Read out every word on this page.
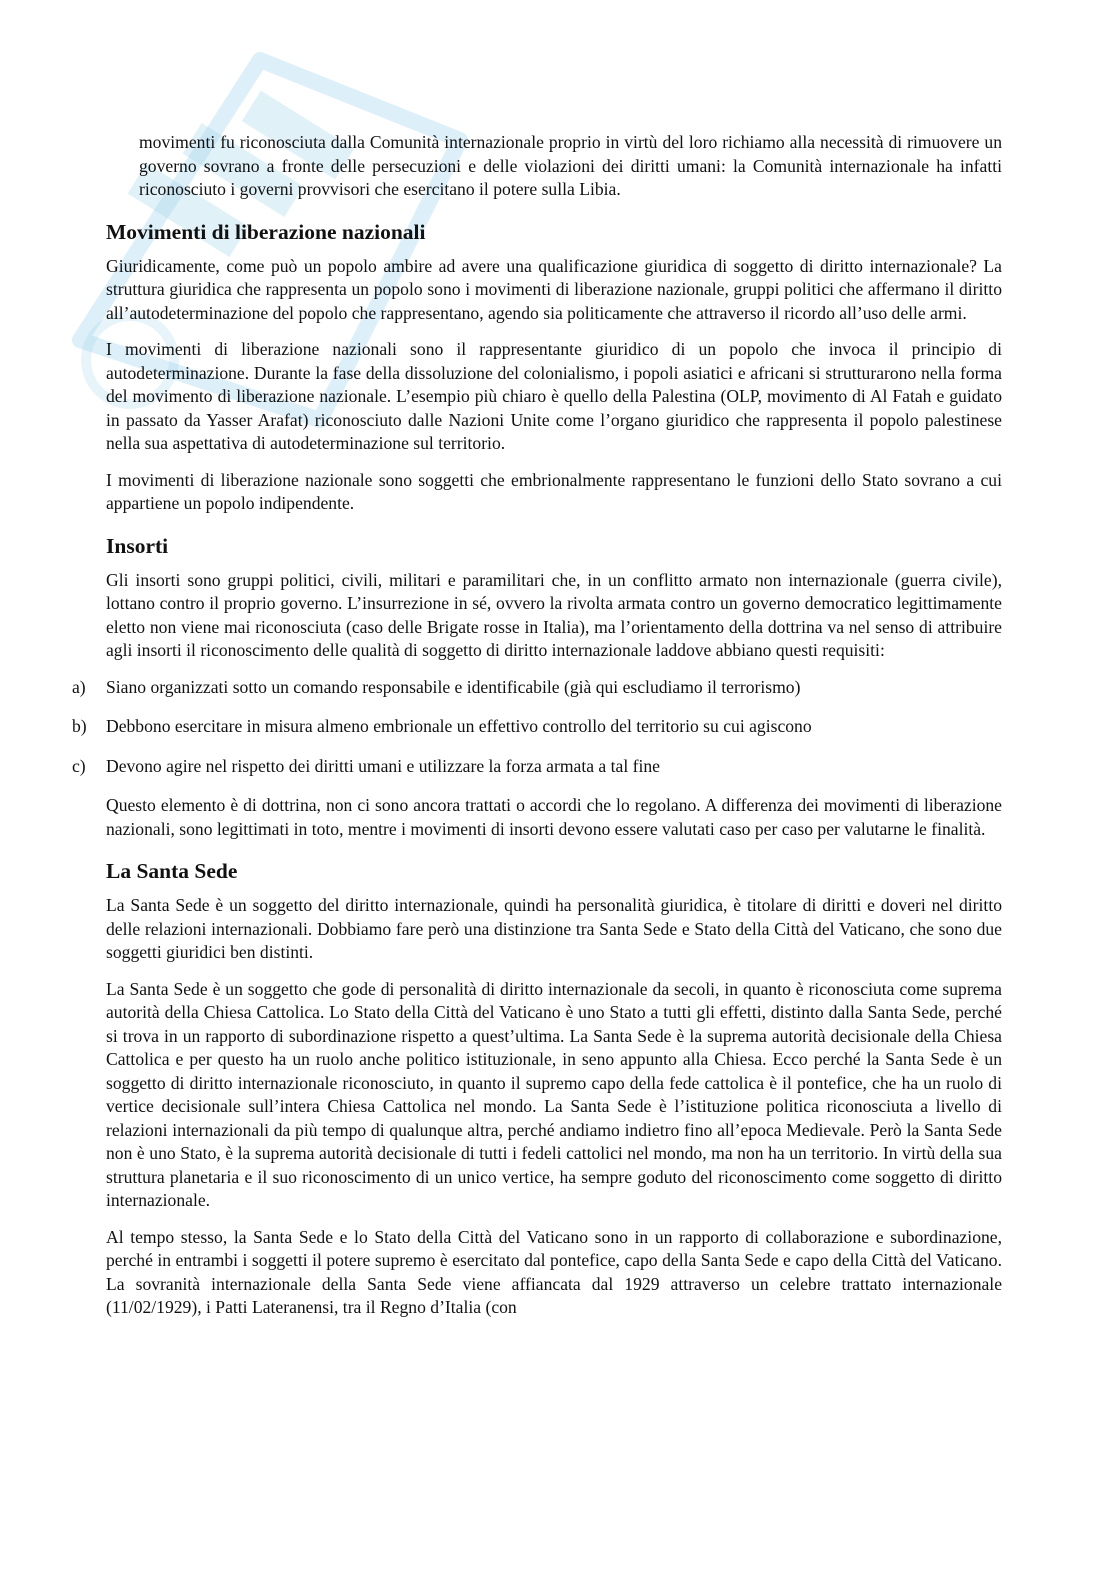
movimenti fu riconosciuta dalla Comunità internazionale proprio in virtù del loro richiamo alla necessità di rimuovere un governo sovrano a fronte delle persecuzioni e delle violazioni dei diritti umani: la Comunità internazionale ha infatti riconosciuto i governi provvisori che esercitano il potere sulla Libia.

Movimenti di liberazione nazionali

Giuridicamente, come può un popolo ambire ad avere una qualificazione giuridica di soggetto di diritto internazionale? La struttura giuridica che rappresenta un popolo sono i movimenti di liberazione nazionale, gruppi politici che affermano il diritto all’autodeterminazione del popolo che rappresentano, agendo sia politicamente che attraverso il ricordo all’uso delle armi.

I movimenti di liberazione nazionali sono il rappresentante giuridico di un popolo che invoca il principio di autodeterminazione. Durante la fase della dissoluzione del colonialismo, i popoli asiatici e africani si strutturarono nella forma del movimento di liberazione nazionale. L’esempio più chiaro è quello della Palestina (OLP, movimento di Al Fatah e guidato in passato da Yasser Arafat) riconosciuto dalle Nazioni Unite come l’organo giuridico che rappresenta il popolo palestinese nella sua aspettativa di autodeterminazione sul territorio.

I movimenti di liberazione nazionale sono soggetti che embrionalmente rappresentano le funzioni dello Stato sovrano a cui appartiene un popolo indipendente.

Insorti

Gli insorti sono gruppi politici, civili, militari e paramilitari che, in un conflitto armato non internazionale (guerra civile), lottano contro il proprio governo. L’insurrezione in sé, ovvero la rivolta armata contro un governo democratico legittimamente eletto non viene mai riconosciuta (caso delle Brigate rosse in Italia), ma l’orientamento della dottrina va nel senso di attribuire agli insorti il riconoscimento delle qualità di soggetto di diritto internazionale laddove abbiano questi requisiti:

a) Siano organizzati sotto un comando responsabile e identificabile (già qui escludiamo il terrorismo)
b) Debbono esercitare in misura almeno embrionale un effettivo controllo del territorio su cui agiscono
c) Devono agire nel rispetto dei diritti umani e utilizzare la forza armata a tal fine

Questo elemento è di dottrina, non ci sono ancora trattati o accordi che lo regolano. A differenza dei movimenti di liberazione nazionali, sono legittimati in toto, mentre i movimenti di insorti devono essere valutati caso per caso per valutarne le finalità.

La Santa Sede

La Santa Sede è un soggetto del diritto internazionale, quindi ha personalità giuridica, è titolare di diritti e doveri nel diritto delle relazioni internazionali. Dobbiamo fare però una distinzione tra Santa Sede e Stato della Città del Vaticano, che sono due soggetti giuridici ben distinti.

La Santa Sede è un soggetto che gode di personalità di diritto internazionale da secoli, in quanto è riconosciuta come suprema autorità della Chiesa Cattolica. Lo Stato della Città del Vaticano è uno Stato a tutti gli effetti, distinto dalla Santa Sede, perché si trova in un rapporto di subordinazione rispetto a quest’ultima. La Santa Sede è la suprema autorità decisionale della Chiesa Cattolica e per questo ha un ruolo anche politico istituzionale, in seno appunto alla Chiesa. Ecco perché la Santa Sede è un soggetto di diritto internazionale riconosciuto, in quanto il supremo capo della fede cattolica è il pontefice, che ha un ruolo di vertice decisionale sull’intera Chiesa Cattolica nel mondo. La Santa Sede è l’istituzione politica riconosciuta a livello di relazioni internazionali da più tempo di qualunque altra, perché andiamo indietro fino all’epoca Medievale. Però la Santa Sede non è uno Stato, è la suprema autorità decisionale di tutti i fedeli cattolici nel mondo, ma non ha un territorio. In virtù della sua struttura planetaria e il suo riconoscimento di un unico vertice, ha sempre goduto del riconoscimento come soggetto di diritto internazionale.

Al tempo stesso, la Santa Sede e lo Stato della Città del Vaticano sono in un rapporto di collaborazione e subordinazione, perché in entrambi i soggetti il potere supremo è esercitato dal pontefice, capo della Santa Sede e capo della Città del Vaticano. La sovranità internazionale della Santa Sede viene affiancata dal 1929 attraverso un celebre trattato internazionale (11/02/1929), i Patti Lateranensi, tra il Regno d’Italia (con
